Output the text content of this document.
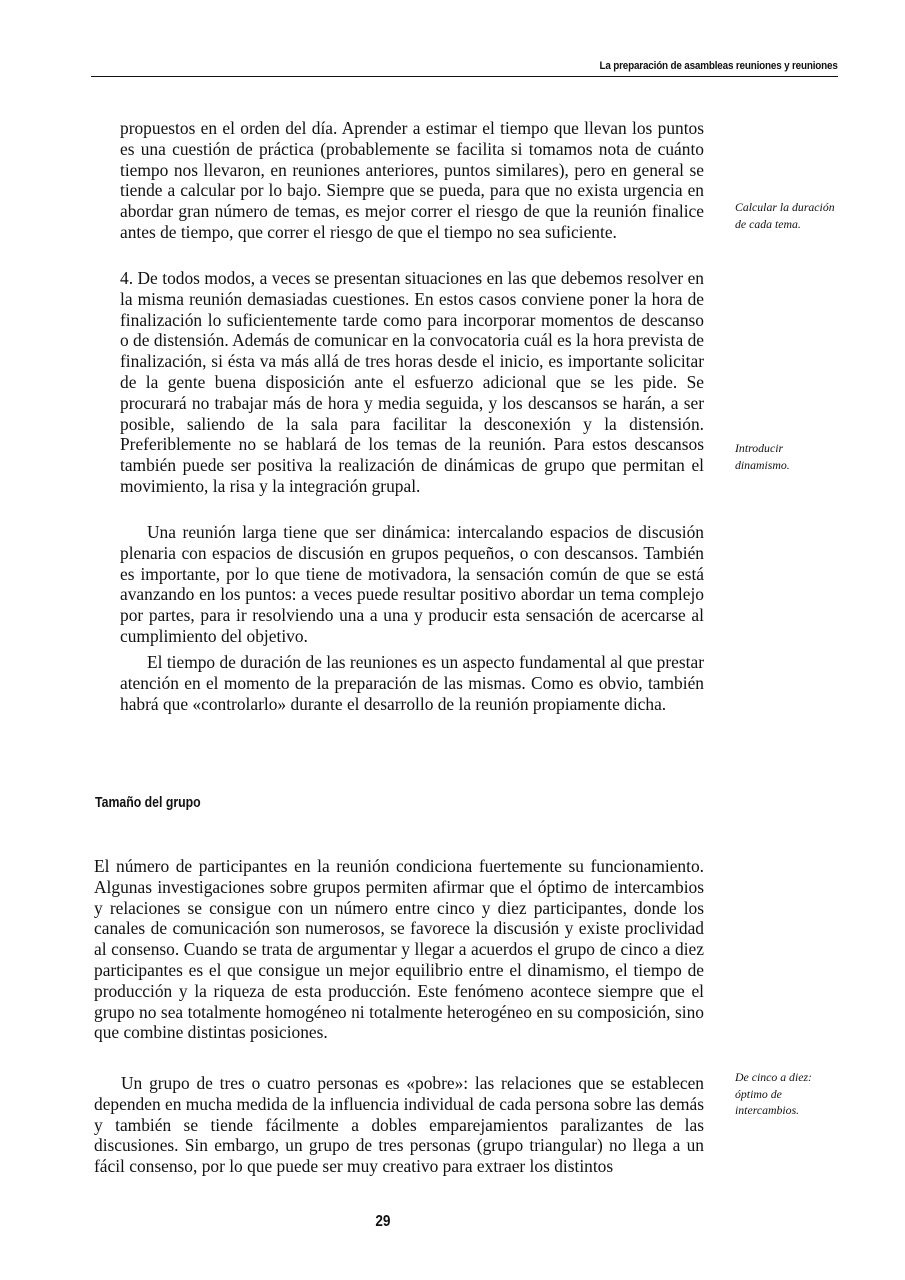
La preparación de asambleas reuniones y reuniones

propuestos en el orden del día. Aprender a estimar el tiempo que llevan los puntos es una cuestión de práctica (probablemente se facilita si tomamos nota de cuánto tiempo nos llevaron, en reuniones anteriores, puntos similares), pero en general se tiende a calcular por lo bajo. Siempre que se pueda, para que no exista urgencia en abordar gran número de temas, es mejor correr el riesgo de que la reunión finalice antes de tiempo, que correr el riesgo de que el tiempo no sea suficiente.

4. De todos modos, a veces se presentan situaciones en las que debemos resolver en la misma reunión demasiadas cuestiones. En estos casos conviene poner la hora de finalización lo suficientemente tarde como para incorporar momentos de descanso o de distensión. Además de comunicar en la convocatoria cuál es la hora prevista de finalización, si ésta va más allá de tres horas desde el inicio, es importante solicitar de la gente buena disposición ante el esfuerzo adicional que se les pide. Se procurará no trabajar más de hora y media seguida, y los descansos se harán, a ser posible, saliendo de la sala para facilitar la desconexión y la distensión. Preferiblemente no se hablará de los temas de la reunión. Para estos descansos también puede ser positiva la realización de dinámicas de grupo que permitan el movimiento, la risa y la integración grupal.

Una reunión larga tiene que ser dinámica: intercalando espacios de discusión plenaria con espacios de discusión en grupos pequeños, o con descansos. También es importante, por lo que tiene de motivadora, la sensación común de que se está avanzando en los puntos: a veces puede resultar positivo abordar un tema complejo por partes, para ir resolviendo una a una y producir esta sensación de acercarse al cumplimiento del objetivo.

El tiempo de duración de las reuniones es un aspecto fundamental al que prestar atención en el momento de la preparación de las mismas. Como es obvio, también habrá que «controlarlo» durante el desarrollo de la reunión propiamente dicha.

El número de participantes en la reunión condiciona fuertemente su funcionamiento. Algunas investigaciones sobre grupos permiten afirmar que el óptimo de intercambios y relaciones se consigue con un número entre cinco y diez participantes, donde los canales de comunicación son numerosos, se favorece la discusión y existe proclividad al consenso. Cuando se trata de argumentar y llegar a acuerdos el grupo de cinco a diez participantes es el que consigue un mejor equilibrio entre el dinamismo, el tiempo de producción y la riqueza de esta producción. Este fenómeno acontece siempre que el grupo no sea totalmente homogéneo ni totalmente heterogéneo en su composición, sino que combine distintas posiciones.

Un grupo de tres o cuatro personas es «pobre»: las relaciones que se establecen dependen en mucha medida de la influencia individual de cada persona sobre las demás y también se tiende fácilmente a dobles emparejamientos paralizantes de las discusiones. Sin embargo, un grupo de tres personas (grupo triangular) no llega a un fácil consenso, por lo que puede ser muy creativo para extraer los distintos

Tamaño del grupo
Calcular la duración de cada tema.
Introducir dinamismo.
De cinco a diez: óptimo de intercambios.
29
